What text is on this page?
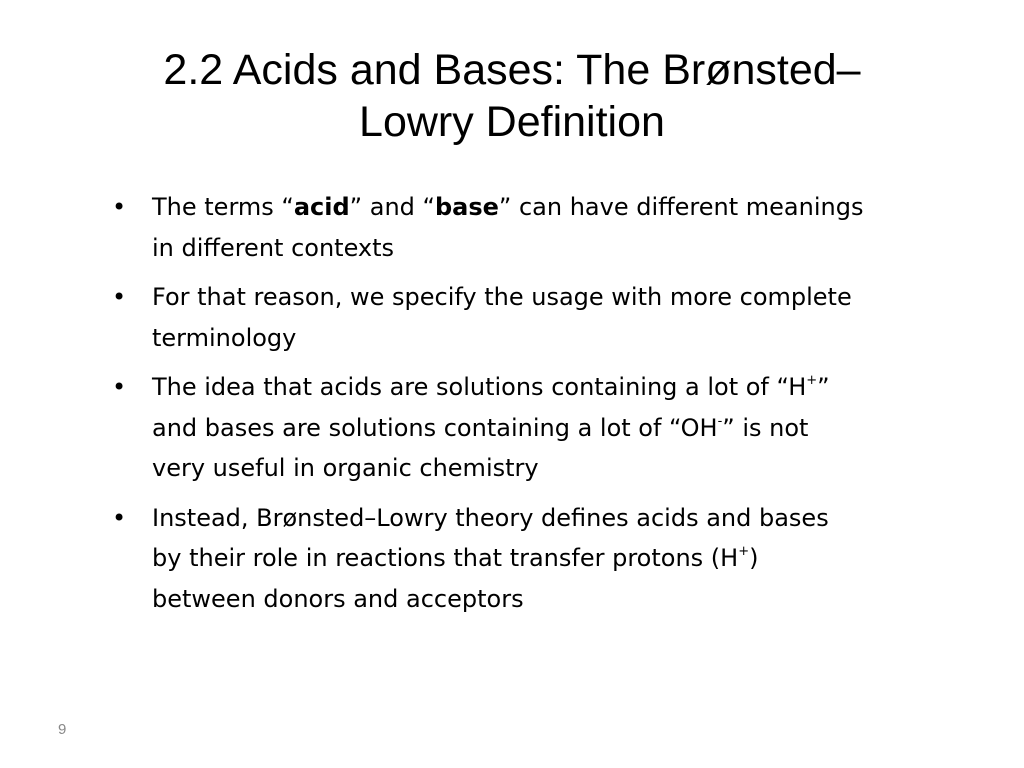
2.2 Acids and Bases: The Brønsted–
Lowry Definition
• The terms “acid” and “base” can have different meanings
in different contexts
• For that reason, we specify the usage with more complete
terminology
• The idea that acids are solutions containing a lot of “H+”
and bases are solutions containing a lot of “OH-” is not
very useful in organic chemistry
• Instead, Brønsted–Lowry theory defines acids and bases
by their role in reactions that transfer protons (H+)
between donors and acceptors
9
